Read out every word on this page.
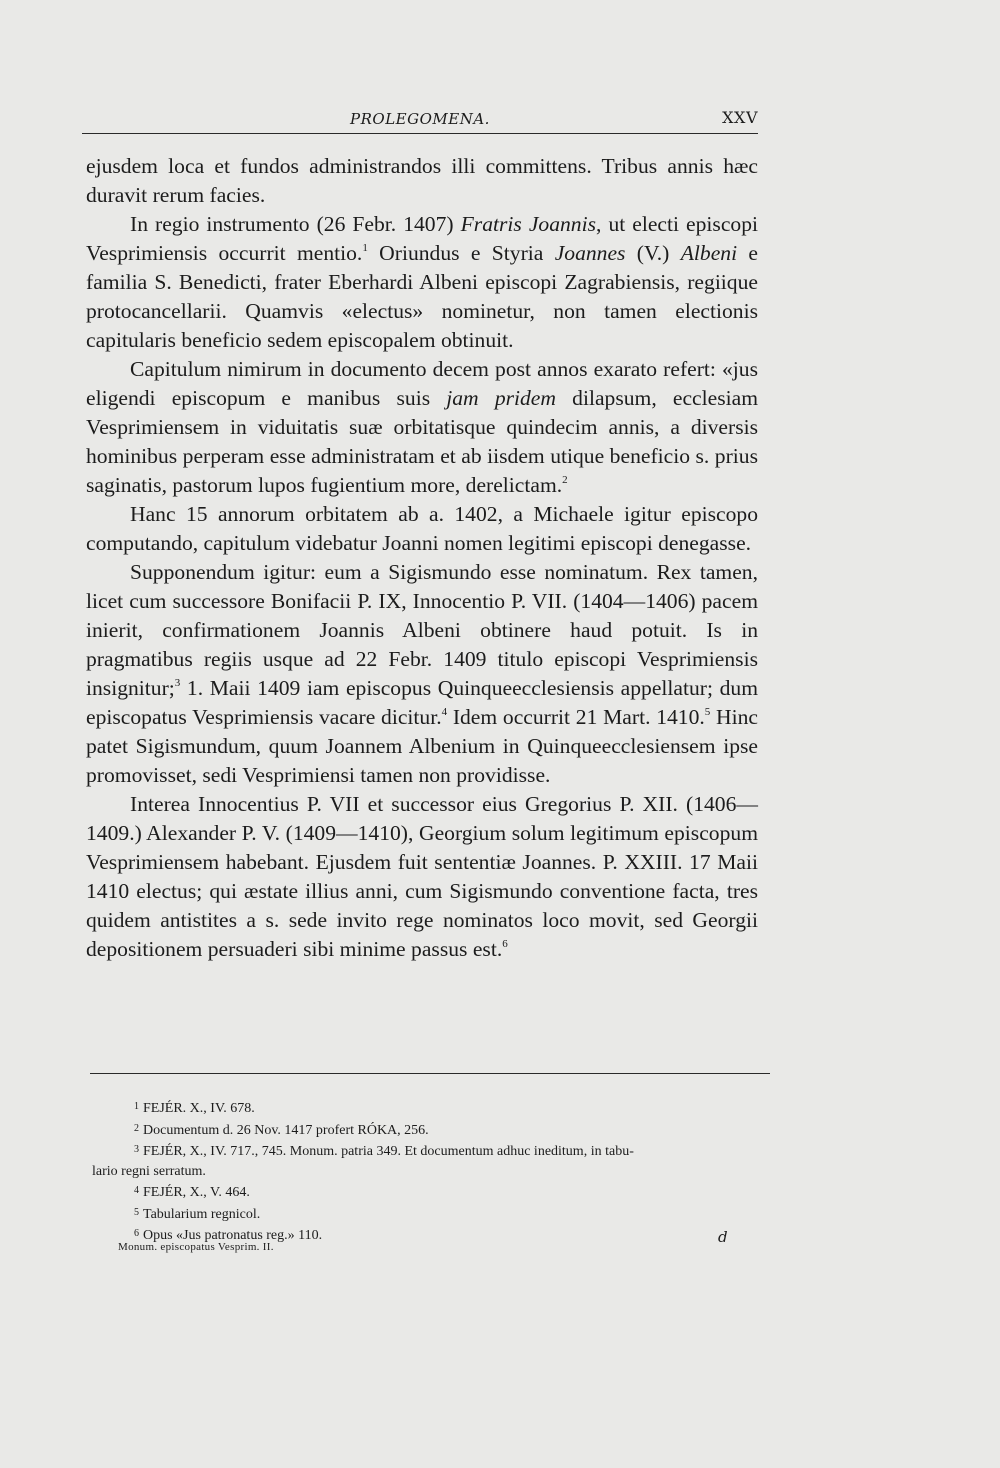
PROLEGOMENA.	XXV

ejusdem loca et fundos administrandos illi committens. Tribus annis hæc duravit rerum facies.

In regio instrumento (26 Febr. 1407) Fratris Joannis, ut electi episcopi Vesprimiensis occurrit mentio.$^1$ Oriundus e Styria Joannes (V.) Albeni e familia S. Benedicti, frater Eberhardi Albeni episcopi Zagrabiensis, regiique protocancellarii. Quamvis «electus» nominetur, non tamen electionis capitularis beneficio sedem episcopalem obtinuit.

Capitulum nimirum in documento decem post annos exarato refert: «jus eligendi episcopum e manibus suis jam pridem dilapsum, ecclesiam Vesprimiensem in viduitatis suæ orbitatisque quindecim annis, a diversis hominibus perperam esse administratam et ab iisdem utique beneficio s. prius saginatis, pastorum lupos fugientium more, derelictam.$^2$

Hanc 15 annorum orbitatem ab a. 1402, a Michaele igitur episcopo computando, capitulum videbatur Joanni nomen legitimi episcopi denegasse.

Supponendum igitur: eum a Sigismundo esse nominatum. Rex tamen, licet cum successore Bonifacii P. IX, Innocentio P. VII. (1404—1406) pacem inierit, confirmationem Joannis Albeni obtinere haud potuit. Is in pragmatibus regiis usque ad 22 Febr. 1409 titulo episcopi Vesprimiensis insignitur;$^3$ 1. Maii 1409 iam episcopus Quinqueecclesiensis appellatur; dum episcopatus Vesprimiensis vacare dicitur.$^4$ Idem occurrit 21 Mart. 1410.$^5$ Hinc patet Sigismundum, quum Joannem Albenium in Quinqueecclesiensem ipse promovisset, sedi Vesprimiensi tamen non providisse.

Interea Innocentius P. VII et successor eius Gregorius P. XII. (1406—1409.) Alexander P. V. (1409—1410), Georgium solum legitimum episcopum Vesprimiensem habebant. Ejusdem fuit sententiæ Joannes. P. XXIII. 17 Maii 1410 electus; qui æstate illius anni, cum Sigismundo conventione facta, tres quidem antistites a s. sede invito rege nominatos loco movit, sed Georgii depositionem persuaderi sibi minime passus est.$^6$

$^1$ FEJÉR. X., IV. 678.

$^2$ Documentum d. 26 Nov. 1417 profert RÓKA, 256.

$^3$ FEJÉR, X., IV. 717., 745. Monum. patria 349. Et documentum adhuc ineditum, in tabu-

lario regni serratum.

$^4$ FEJÉR, X., V. 464.

$^5$ Tabularium regnicol.

$^6$ Opus «Jus patronatus reg.» 110.

Monum. episcopatus Vesprim. II.
d
